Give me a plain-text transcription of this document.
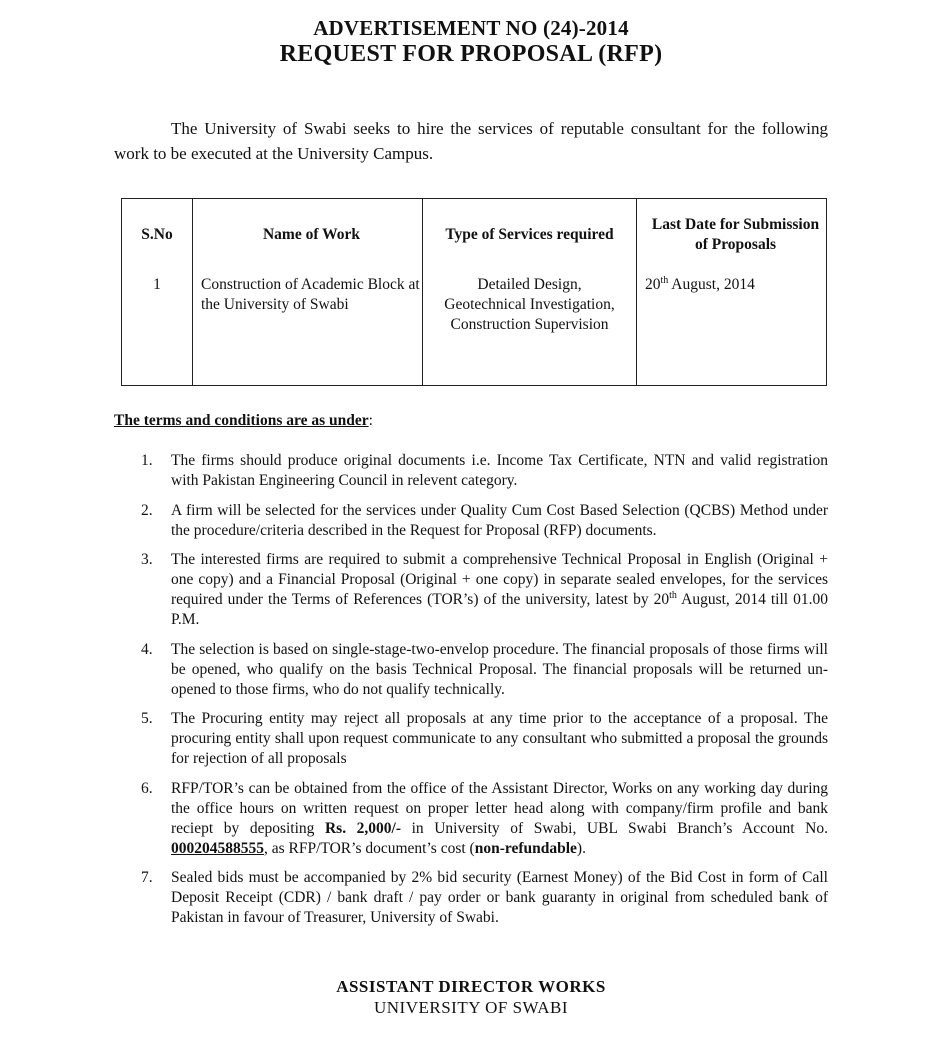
ADVERTISEMENT NO (24)-2014
REQUEST FOR PROPOSAL (RFP)

The University of Swabi seeks to hire the services of reputable consultant for the following work to be executed at the University Campus.

S.No	Name of Work	Type of Services required	Last Date for Submission of Proposals
1	Construction of Academic Block at the University of Swabi	Detailed Design,
Geotechnical Investigation,
Construction Supervision	20th August, 2014
The terms and conditions are as under:
1. The firms should produce original documents i.e. Income Tax Certificate, NTN and valid registration with Pakistan Engineering Council in relevent category.
2. A firm will be selected for the services under Quality Cum Cost Based Selection (QCBS) Method under the procedure/criteria described in the Request for Proposal (RFP) documents.
3. The interested firms are required to submit a comprehensive Technical Proposal in English (Original + one copy) and a Financial Proposal (Original + one copy) in separate sealed envelopes, for the services required under the Terms of References (TOR’s) of the university, latest by 20th August, 2014 till 01.00 P.M.
4. The selection is based on single-stage-two-envelop procedure. The financial proposals of those firms will be opened, who qualify on the basis Technical Proposal. The financial proposals will be returned un-opened to those firms, who do not qualify technically.
5. The Procuring entity may reject all proposals at any time prior to the acceptance of a proposal. The procuring entity shall upon request communicate to any consultant who submitted a proposal the grounds for rejection of all proposals
6. RFP/TOR’s can be obtained from the office of the Assistant Director, Works on any working day during the office hours on written request on proper letter head along with company/firm profile and bank reciept by depositing Rs. 2,000/- in University of Swabi, UBL Swabi Branch’s Account No. 000204588555, as RFP/TOR’s document’s cost (non-refundable).
7. Sealed bids must be accompanied by 2% bid security (Earnest Money) of the Bid Cost in form of Call Deposit Receipt (CDR) / bank draft / pay order or bank guaranty in original from scheduled bank of Pakistan in favour of Treasurer, University of Swabi.
ASSISTANT DIRECTOR WORKS
UNIVERSITY OF SWABI
